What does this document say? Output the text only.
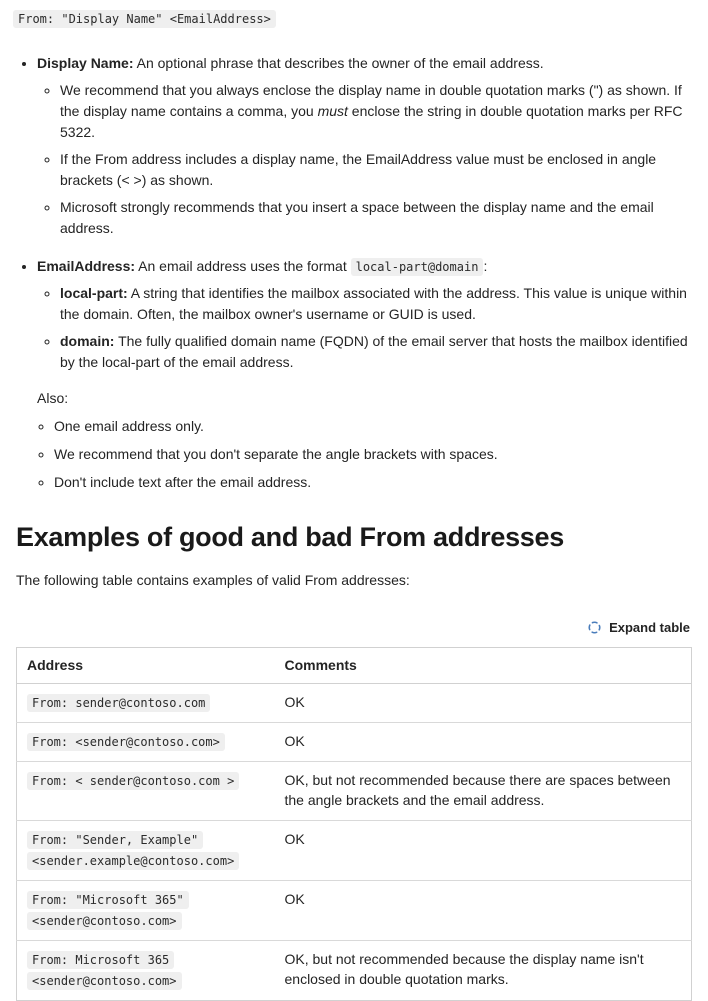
From: "Display Name" <EmailAddress>
• Display Name: An optional phrase that describes the owner of the email address.
◦ We recommend that you always enclose the display name in double quotation marks (") as shown. If the display name contains a comma, you must enclose the string in double quotation marks per RFC 5322.
◦ If the From address includes a display name, the EmailAddress value must be enclosed in angle brackets (< >) as shown.
◦ Microsoft strongly recommends that you insert a space between the display name and the email address.
• EmailAddress: An email address uses the format local-part@domain :
◦ local-part: A string that identifies the mailbox associated with the address. This value is unique within the domain. Often, the mailbox owner's username or GUID is used.
◦ domain: The fully qualified domain name (FQDN) of the email server that hosts the mailbox identified by the local-part of the email address.
Also:
◦ One email address only.
◦ We recommend that you don't separate the angle brackets with spaces.
◦ Don't include text after the email address.
Examples of good and bad From addresses

The following table contains examples of valid From addresses:

Expand table
Address	Comments
From: sender@contoso.com	OK
From: <sender@contoso.com>	OK
From: < sender@contoso.com >	OK, but not recommended because there are spaces between the angle brackets and the email address.
From: "Sender, Example" <sender.example@contoso.com>	OK
From: "Microsoft 365" <sender@contoso.com>	OK
From: Microsoft 365 <sender@contoso.com>	OK, but not recommended because the display name isn't enclosed in double quotation marks.
